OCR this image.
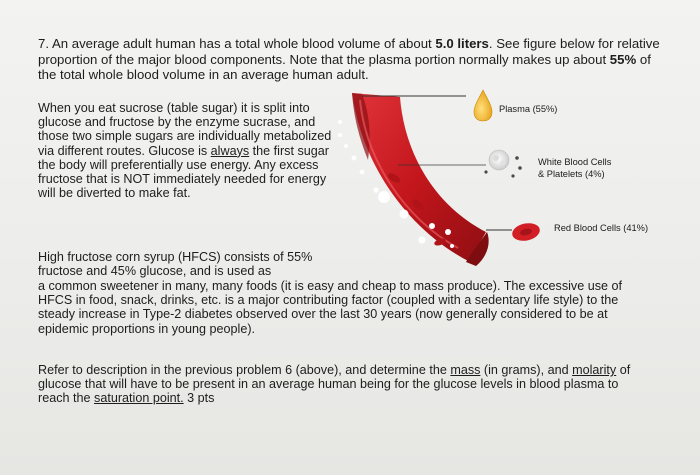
7. An average adult human has a total whole blood volume of about 5.0 liters. See figure below for relative proportion of the major blood components. Note that the plasma portion normally makes up about 55% of the total whole blood volume in an average human adult.
When you eat sucrose (table sugar) it is split into glucose and fructose by the enzyme sucrase, and those two simple sugars are individually metabolized via different routes. Glucose is always the first sugar the body will preferentially use energy. Any excess fructose that is NOT immediately needed for energy will be diverted to make fat.
High fructose corn syrup (HFCS) consists of 55% fructose and 45% glucose, and is used as
a common sweetener in many, many foods (it is easy and cheap to mass produce). The excessive use of HFCS in food, snack, drinks, etc. is a major contributing factor (coupled with a sedentary life style) to the steady increase in Type-2 diabetes observed over the last 30 years (now generally considered to be at epidemic proportions in young people).
Refer to description in the previous problem 6 (above), and determine the mass (in grams), and molarity of glucose that will have to be present in an average human being for the glucose levels in blood plasma to reach the saturation point. 3 pts
Plasma (55%)
White Blood Cells
& Platelets (4%)
Red Blood Cells (41%)
